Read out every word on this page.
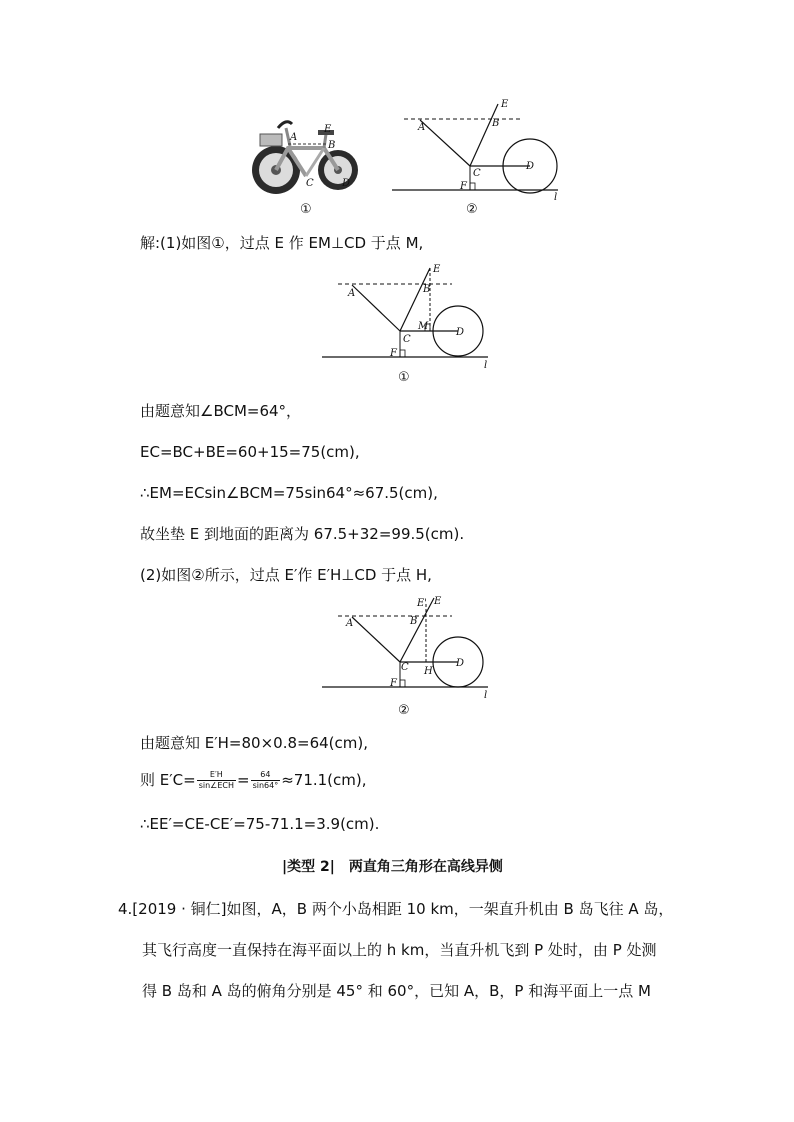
A
E
B
C	D
①
A	B
E
C
D
F
l
②
解:(1)如图①，过点 E 作 EM⊥CD 于点 M,
A	B
E
M
C
D
F
l
①
由题意知∠BCM=64°，
EC=BC+BE=60+15=75(cm),
∴EM=ECsin∠BCM=75sin64°≈67.5(cm),
故坐垫 E 到地面的距离为 67.5+32=99.5(cm).
(2)如图②所示，过点 E′作 E′H⊥CD 于点 H,
A	B
E' E
H
C	D
F
l
②
由题意知 E′H=80×0.8=64(cm),
则 $E'C= \frac{E'H}{\text{sin∠ECH}} = \frac{64}{\sin 64^\circ} \approx 71.1(cm)$,
∴EE′=CE-CE′=75-71.1=3.9(cm).
|类型 2|　两直角三角形在高线异侧
4.[2019 · 铜仁]如图，A，B 两个小岛相距 10 km，一架直升机由 B 岛飞往 A 岛，
其飞行高度一直保持在海平面以上的 h km，当直升机飞到 P 处时，由 P 处测
得 B 岛和 A 岛的俯角分别是 45° 和 60°，已知 A，B，P 和海平面上一点 M
